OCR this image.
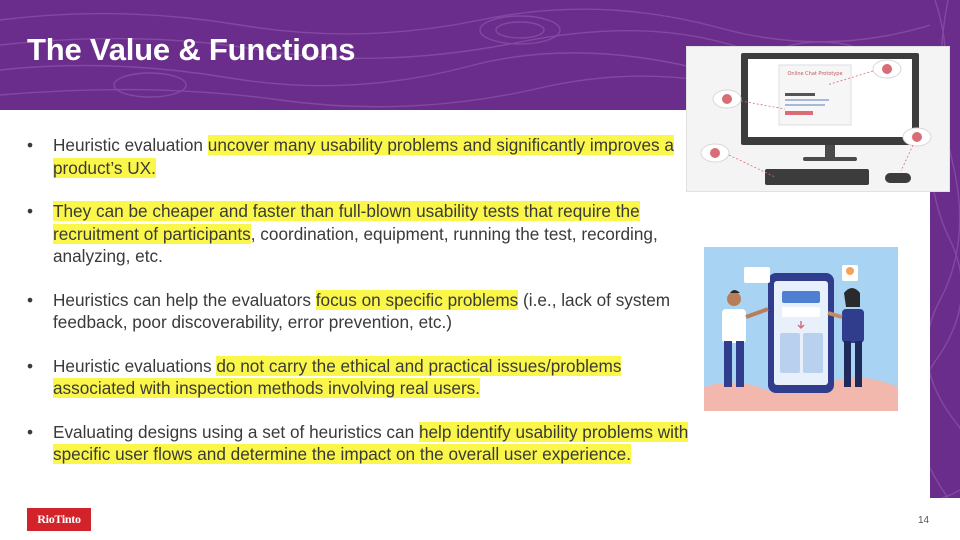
The Value & Functions
• Heuristic evaluation uncover many usability problems and significantly improves a product’s UX.
• They can be cheaper and faster than full-blown usability tests that require the recruitment of participants, coordination, equipment, running the test, recording, analyzing, etc.
• Heuristics can help the evaluators focus on specific problems (i.e., lack of system feedback, poor discoverability, error prevention, etc.)
• Heuristic evaluations do not carry the ethical and practical issues/problems associated with inspection methods involving real users.
• Evaluating designs using a set of heuristics can help identify usability problems with specific user flows and determine the impact on the overall user experience.
Online Chat Prototype
RioTinto	14
